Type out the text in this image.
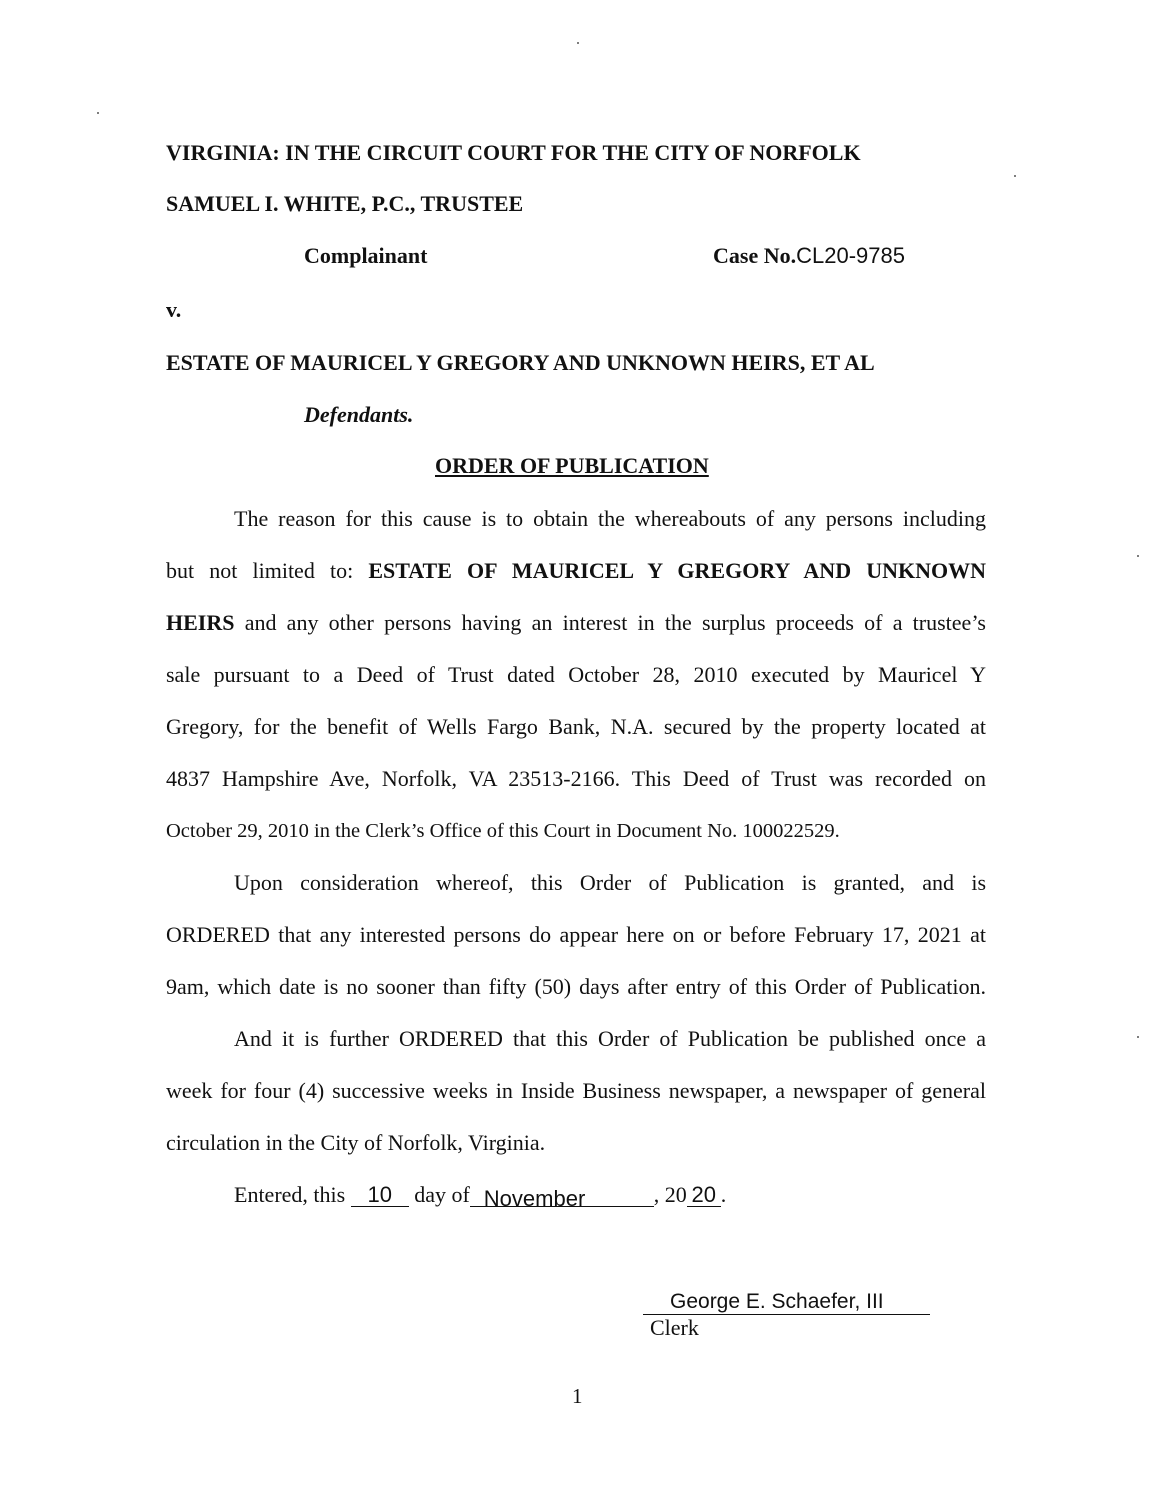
VIRGINIA: IN THE CIRCUIT COURT FOR THE CITY OF NORFOLK
SAMUEL I. WHITE, P.C., TRUSTEE
Complainant	Case No.CL20-9785
v.
ESTATE OF MAURICEL Y GREGORY AND UNKNOWN HEIRS, ET AL
Defendants.
ORDER OF PUBLICATION
The reason for this cause is to obtain the whereabouts of any persons including
but not limited to: ESTATE OF MAURICEL Y GREGORY AND UNKNOWN
HEIRS and any other persons having an interest in the surplus proceeds of a trustee’s
sale pursuant to a Deed of Trust dated October 28, 2010 executed by Mauricel Y
Gregory, for the benefit of Wells Fargo Bank, N.A. secured by the property located at
4837 Hampshire Ave, Norfolk, VA 23513-2166. This Deed of Trust was recorded on
October 29, 2010 in the Clerk’s Office of this Court in Document No. 100022529.
Upon consideration whereof, this Order of Publication is granted, and is
ORDERED that any interested persons do appear here on or before February 17, 2021 at
9am, which date is no sooner than fifty (50) days after entry of this Order of Publication.
And it is further ORDERED that this Order of Publication be published once a
week for four (4) successive weeks in Inside Business newspaper, a newspaper of general
circulation in the City of Norfolk, Virginia.
Entered, this 10 day of November	, 20 20 .
George E. Schaefer, III
Clerk
1
